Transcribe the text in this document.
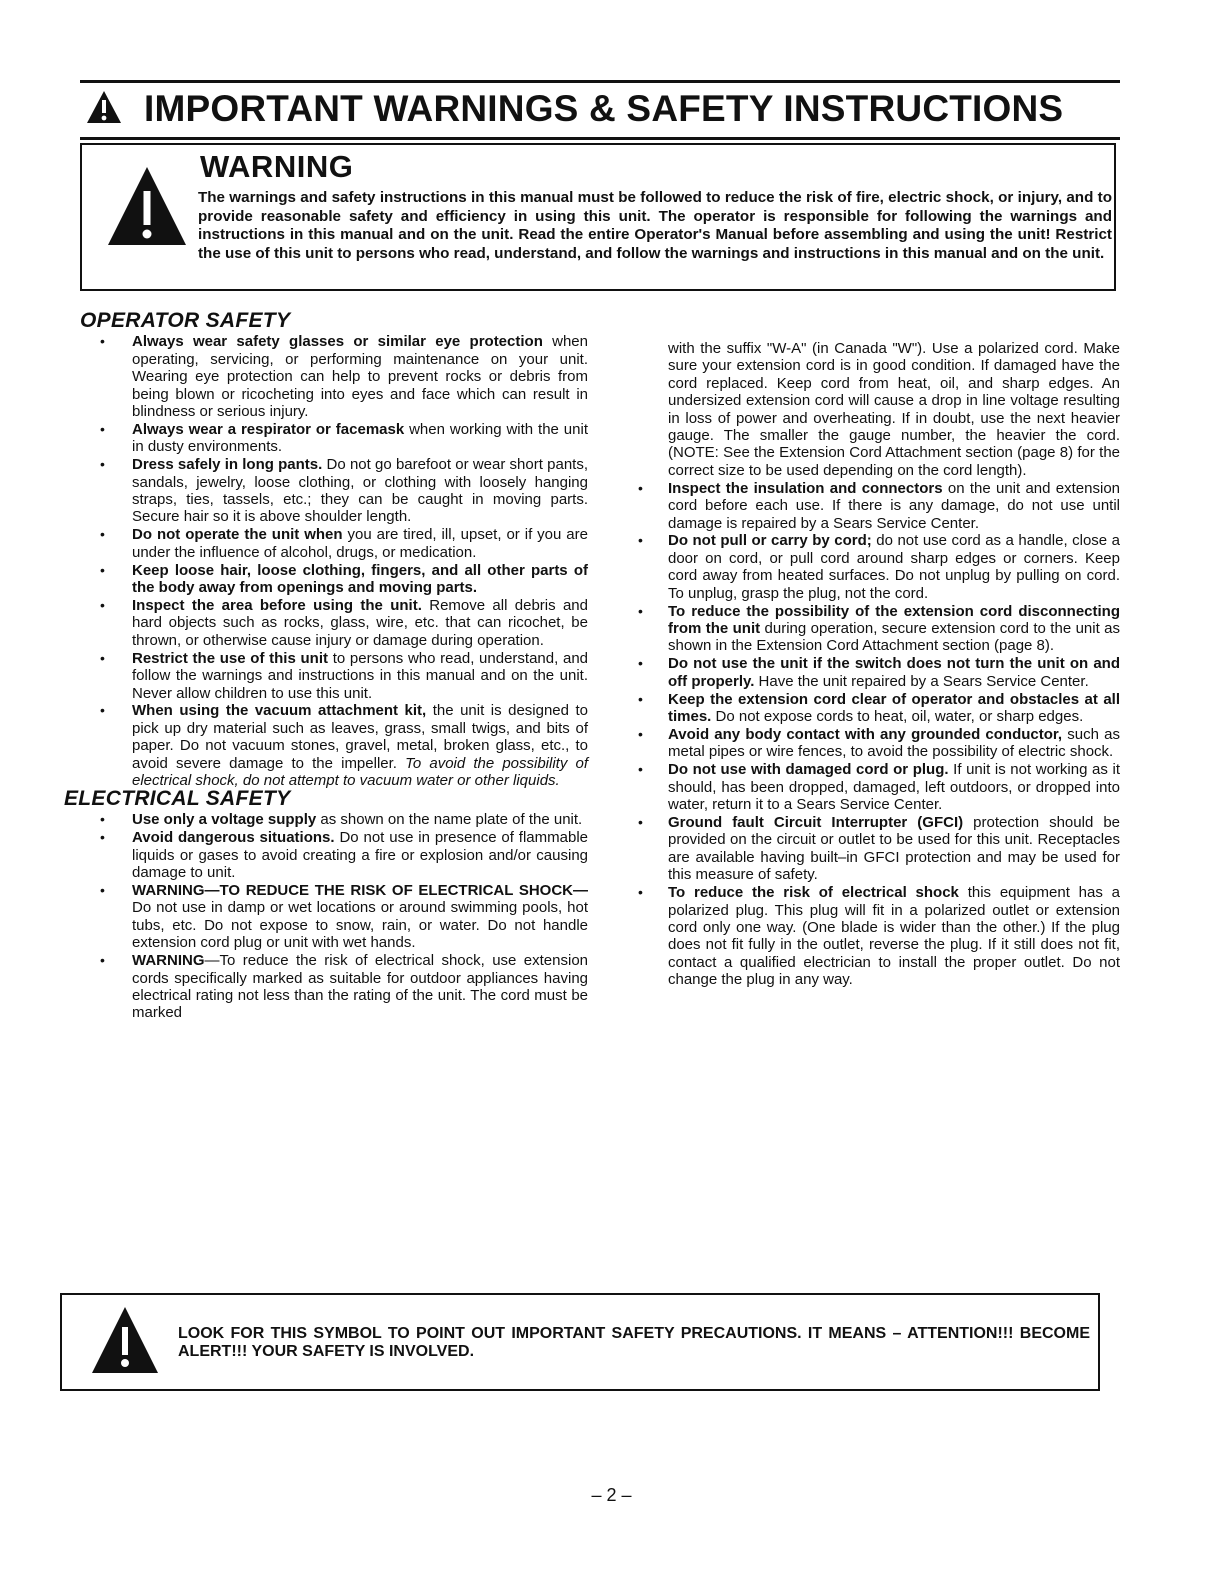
IMPORTANT WARNINGS & SAFETY INSTRUCTIONS
WARNING
The warnings and safety instructions in this manual must be followed to reduce the risk of fire, electric shock, or injury, and to provide reasonable safety and efficiency in using this unit. The operator is responsible for following the warnings and instructions in this manual and on the unit. Read the entire Operator's Manual before assembling and using the unit! Restrict the use of this unit to persons who read, understand, and follow the warnings and instructions in this manual and on the unit.
OPERATOR SAFETY
• Always wear safety glasses or similar eye protection when operating, servicing, or performing maintenance on your unit. Wearing eye protection can help to prevent rocks or debris from being blown or ricocheting into eyes and face which can result in blindness or serious injury.
• Always wear a respirator or facemask when working with the unit in dusty environments.
• Dress safely in long pants. Do not go barefoot or wear short pants, sandals, jewelry, loose clothing, or clothing with loosely hanging straps, ties, tassels, etc.; they can be caught in moving parts. Secure hair so it is above shoulder length.
• Do not operate the unit when you are tired, ill, upset, or if you are under the influence of alcohol, drugs, or medication.
• Keep loose hair, loose clothing, fingers, and all other parts of the body away from openings and moving parts.
• Inspect the area before using the unit. Remove all debris and hard objects such as rocks, glass, wire, etc. that can ricochet, be thrown, or otherwise cause injury or damage during operation.
• Restrict the use of this unit to persons who read, understand, and follow the warnings and instructions in this manual and on the unit. Never allow children to use this unit.
• When using the vacuum attachment kit, the unit is designed to pick up dry material such as leaves, grass, small twigs, and bits of paper. Do not vacuum stones, gravel, metal, broken glass, etc., to avoid severe damage to the impeller. To avoid the possibility of electrical shock, do not attempt to vacuum water or other liquids.
ELECTRICAL SAFETY
• Use only a voltage supply as shown on the name plate of the unit.
• Avoid dangerous situations. Do not use in presence of flammable liquids or gases to avoid creating a fire or explosion and/or causing damage to unit.
• WARNING—TO REDUCE THE RISK OF ELECTRICAL SHOCK—Do not use in damp or wet locations or around swimming pools, hot tubs, etc. Do not expose to snow, rain, or water. Do not handle extension cord plug or unit with wet hands.
• WARNING—To reduce the risk of electrical shock, use extension cords specifically marked as suitable for outdoor appliances having electrical rating not less than the rating of the unit. The cord must be marked
with the suffix "W-A" (in Canada "W"). Use a polarized cord. Make sure your extension cord is in good condition. If damaged have the cord replaced. Keep cord from heat, oil, and sharp edges. An undersized extension cord will cause a drop in line voltage resulting in loss of power and overheating. If in doubt, use the next heavier gauge. The smaller the gauge number, the heavier the cord. (NOTE: See the Extension Cord Attachment section (page 8) for the correct size to be used depending on the cord length).
• Inspect the insulation and connectors on the unit and extension cord before each use. If there is any damage, do not use until damage is repaired by a Sears Service Center.
• Do not pull or carry by cord; do not use cord as a handle, close a door on cord, or pull cord around sharp edges or corners. Keep cord away from heated surfaces. Do not unplug by pulling on cord. To unplug, grasp the plug, not the cord.
• To reduce the possibility of the extension cord disconnecting from the unit during operation, secure extension cord to the unit as shown in the Extension Cord Attachment section (page 8).
• Do not use the unit if the switch does not turn the unit on and off properly. Have the unit repaired by a Sears Service Center.
• Keep the extension cord clear of operator and obstacles at all times. Do not expose cords to heat, oil, water, or sharp edges.
• Avoid any body contact with any grounded conductor, such as metal pipes or wire fences, to avoid the possibility of electric shock.
• Do not use with damaged cord or plug. If unit is not working as it should, has been dropped, damaged, left outdoors, or dropped into water, return it to a Sears Service Center.
• Ground fault Circuit Interrupter (GFCI) protection should be provided on the circuit or outlet to be used for this unit. Receptacles are available having built–in GFCI protection and may be used for this measure of safety.
• To reduce the risk of electrical shock this equipment has a polarized plug. This plug will fit in a polarized outlet or extension cord only one way. (One blade is wider than the other.) If the plug does not fit fully in the outlet, reverse the plug. If it still does not fit, contact a qualified electrician to install the proper outlet. Do not change the plug in any way.
LOOK FOR THIS SYMBOL TO POINT OUT IMPORTANT SAFETY PRECAUTIONS. IT MEANS – ATTENTION!!! BECOME ALERT!!! YOUR SAFETY IS INVOLVED.
– 2 –
